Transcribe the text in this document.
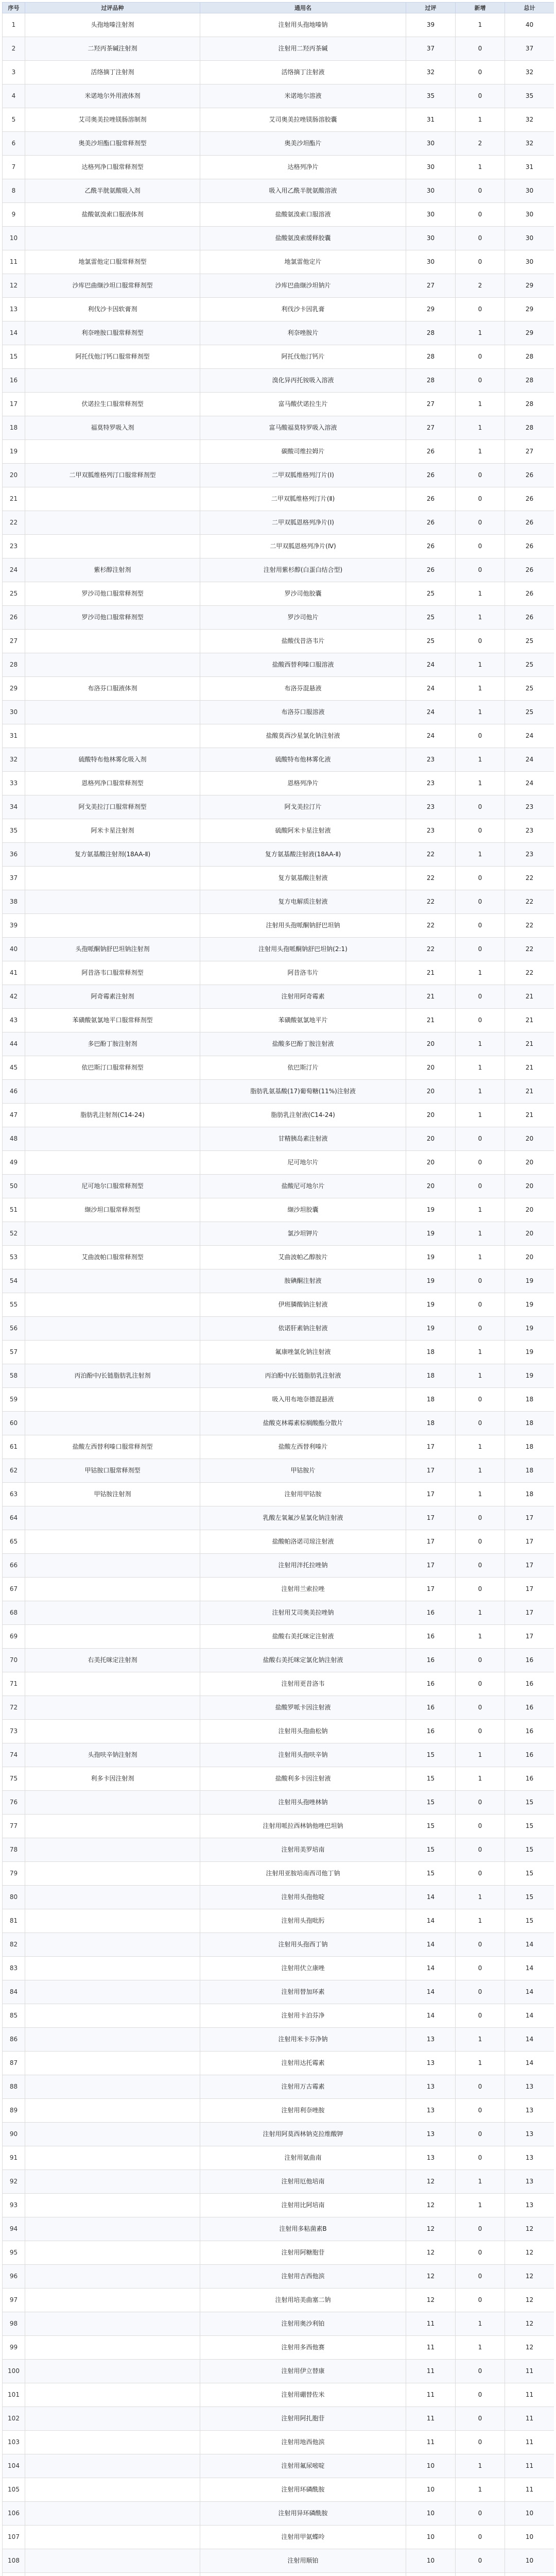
序号	过评品种	通用名	过评	新增	总计
1	头孢地嗪注射剂	注射用头孢地嗪钠	39	1	40
2	二羟丙茶碱注射剂	注射用二羟丙茶碱	37	0	37
3	活络摘丁注射剂	活络摘丁注射液	32	0	32
4	米诺地尔外用液体剂	米诺地尔溶液	35	0	35
5	艾司奥美拉唑镁肠溶制剂	艾司奥美拉唑镁肠溶胶囊	31	1	32
6	奥美沙坦酯口服常释剂型	奥美沙坦酯片	30	2	32
7	达格列净口服常释剂型	达格列净片	30	1	31
8	乙酰半胱氨酸吸入剂	吸入用乙酰半胱氨酸溶液	30	0	30
9	盐酸氨溴索口服液体剂	盐酸氨溴索口服溶液	30	0	30
10		盐酸氨溴索缓释胶囊	30	0	30
11	地氯雷他定口服常释剂型	地氯雷他定片	30	0	30
12	沙库巴曲缬沙坦口服常释剂型	沙库巴曲缬沙坦钠片	27	2	29
13	利伐沙卡因软膏剂	利伐沙卡因乳膏	29	0	29
14	利奈唑胺口服常释剂型	利奈唑胺片	28	1	29
15	阿托伐他汀钙口服常释剂型	阿托伐他汀钙片	28	0	28
16		溴化异丙托铵吸入溶液	28	0	28
17	伏诺拉生口服常释剂型	富马酸伏诺拉生片	27	1	28
18	福莫特罗吸入剂	富马酸福莫特罗吸入溶液	27	1	28
19		碳酸司维拉姆片	26	1	27
20	二甲双胍维格列汀口服常释剂型	二甲双胍维格列汀片(Ⅰ)	26	0	26
21		二甲双胍维格列汀片(Ⅱ)	26	0	26
22		二甲双胍恩格列净片(Ⅰ)	26	0	26
23		二甲双胍恩格列净片(Ⅳ)	26	0	26
24	紫杉醇注射剂	注射用紫杉醇(白蛋白结合型)	26	0	26
25	罗沙司他口服常释剂型	罗沙司他胶囊	25	1	26
26	罗沙司他口服常释剂型	罗沙司他片	25	1	26
27		盐酸伐昔洛韦片	25	0	25
28		盐酸西替利嗪口服溶液	24	1	25
29	布洛芬口服液体剂	布洛芬混悬液	24	1	25
30		布洛芬口服溶液	24	1	25
31		盐酸莫西沙星氯化钠注射液	24	0	24
32	硫酸特布他林雾化吸入剂	硫酸特布他林雾化液	23	1	24
33	恩格列净口服常释剂型	恩格列净片	23	1	24
34	阿戈美拉汀口服常释剂型	阿戈美拉汀片	23	0	23
35	阿米卡星注射剂	硫酸阿米卡星注射液	23	0	23
36	复方氨基酸注射剂(18AA-Ⅱ)	复方氨基酸注射液(18AA-Ⅱ)	22	1	23
37		复方氨基酸注射液	22	0	22
38		复方电解质注射液	22	0	22
39		注射用头孢哌酮钠舒巴坦钠	22	0	22
40	头孢哌酮钠舒巴坦钠注射剂	注射用头孢哌酮钠舒巴坦钠(2:1)	22	0	22
41	阿昔洛韦口服常释剂型	阿昔洛韦片	21	1	22
42	阿奇霉素注射剂	注射用阿奇霉素	21	0	21
43	苯磺酸氨氯地平口服常释剂型	苯磺酸氨氯地平片	21	0	21
44	多巴酚丁胺注射剂	盐酸多巴酚丁胺注射液	20	1	21
45	依巴斯汀口服常释剂型	依巴斯汀片	20	1	21
46		脂肪乳氨基酸(17)葡萄糖(11%)注射液	20	1	21
47	脂肪乳注射剂(C14-24)	脂肪乳注射液(C14-24)	20	1	21
48		甘精胰岛素注射液	20	0	20
49		尼可地尔片	20	0	20
50	尼可地尔口服常释剂型	盐酸尼可地尔片	20	0	20
51	缬沙坦口服常释剂型	缬沙坦胶囊	19	1	20
52		氯沙坦钾片	19	1	20
53	艾曲波帕口服常释剂型	艾曲波帕乙醇胺片	19	1	20
54		胺碘酮注射液	19	0	19
55		伊班膦酸钠注射液	19	0	19
56		依诺肝素钠注射液	19	0	19
57		氟康唑氯化钠注射液	18	1	19
58	丙泊酚中/长链脂肪乳注射剂	丙泊酚中/长链脂肪乳注射液	18	1	19
59		吸入用布地奈德混悬液	18	0	18
60		盐酸克林霉素棕榈酸酯分散片	18	0	18
61	盐酸左西替利嗪口服常释剂型	盐酸左西替利嗪片	17	1	18
62	甲钴胺口服常释剂型	甲钴胺片	17	1	18
63	甲钴胺注射剂	注射用甲钴胺	17	1	18
64		乳酸左氧氟沙星氯化钠注射液	17	0	17
65		盐酸帕洛诺司琼注射液	17	0	17
66		注射用泮托拉唑钠	17	0	17
67		注射用兰索拉唑	17	0	17
68		注射用艾司奥美拉唑钠	16	1	17
69		盐酸右美托咪定注射液	16	1	17
70	右美托咪定注射剂	盐酸右美托咪定氯化钠注射液	16	0	16
71		注射用更昔洛韦	16	0	16
72		盐酸罗哌卡因注射液	16	0	16
73		注射用头孢曲松钠	16	0	16
74	头孢呋辛钠注射剂	注射用头孢呋辛钠	15	1	16
75	利多卡因注射剂	盐酸利多卡因注射液	15	1	16
76		注射用头孢唑林钠	15	0	15
77		注射用哌拉西林钠他唑巴坦钠	15	0	15
78		注射用美罗培南	15	0	15
79		注射用亚胺培南西司他丁钠	15	0	15
80		注射用头孢他啶	14	1	15
81		注射用头孢吡肟	14	1	15
82		注射用头孢西丁钠	14	0	14
83		注射用伏立康唑	14	0	14
84		注射用替加环素	14	0	14
85		注射用卡泊芬净	14	0	14
86		注射用米卡芬净钠	13	1	14
87		注射用达托霉素	13	1	14
88		注射用万古霉素	13	0	13
89		注射用利奈唑胺	13	0	13
90		注射用阿莫西林钠克拉维酸钾	13	0	13
91		注射用氨曲南	13	0	13
92		注射用厄他培南	12	1	13
93		注射用比阿培南	12	1	13
94		注射用多粘菌素B	12	0	12
95		注射用阿糖胞苷	12	0	12
96		注射用吉西他滨	12	0	12
97		注射用培美曲塞二钠	12	0	12
98		注射用奥沙利铂	11	1	12
99		注射用多西他赛	11	1	12
100		注射用伊立替康	11	0	11
101		注射用硼替佐米	11	0	11
102		注射用阿扎胞苷	11	0	11
103		注射用地西他滨	11	0	11
104		注射用氟尿嘧啶	10	1	11
105		注射用环磷酰胺	10	1	11
106		注射用异环磷酰胺	10	0	10
107		注射用甲氨蝶呤	10	0	10
108		注射用顺铂	10	0	10
